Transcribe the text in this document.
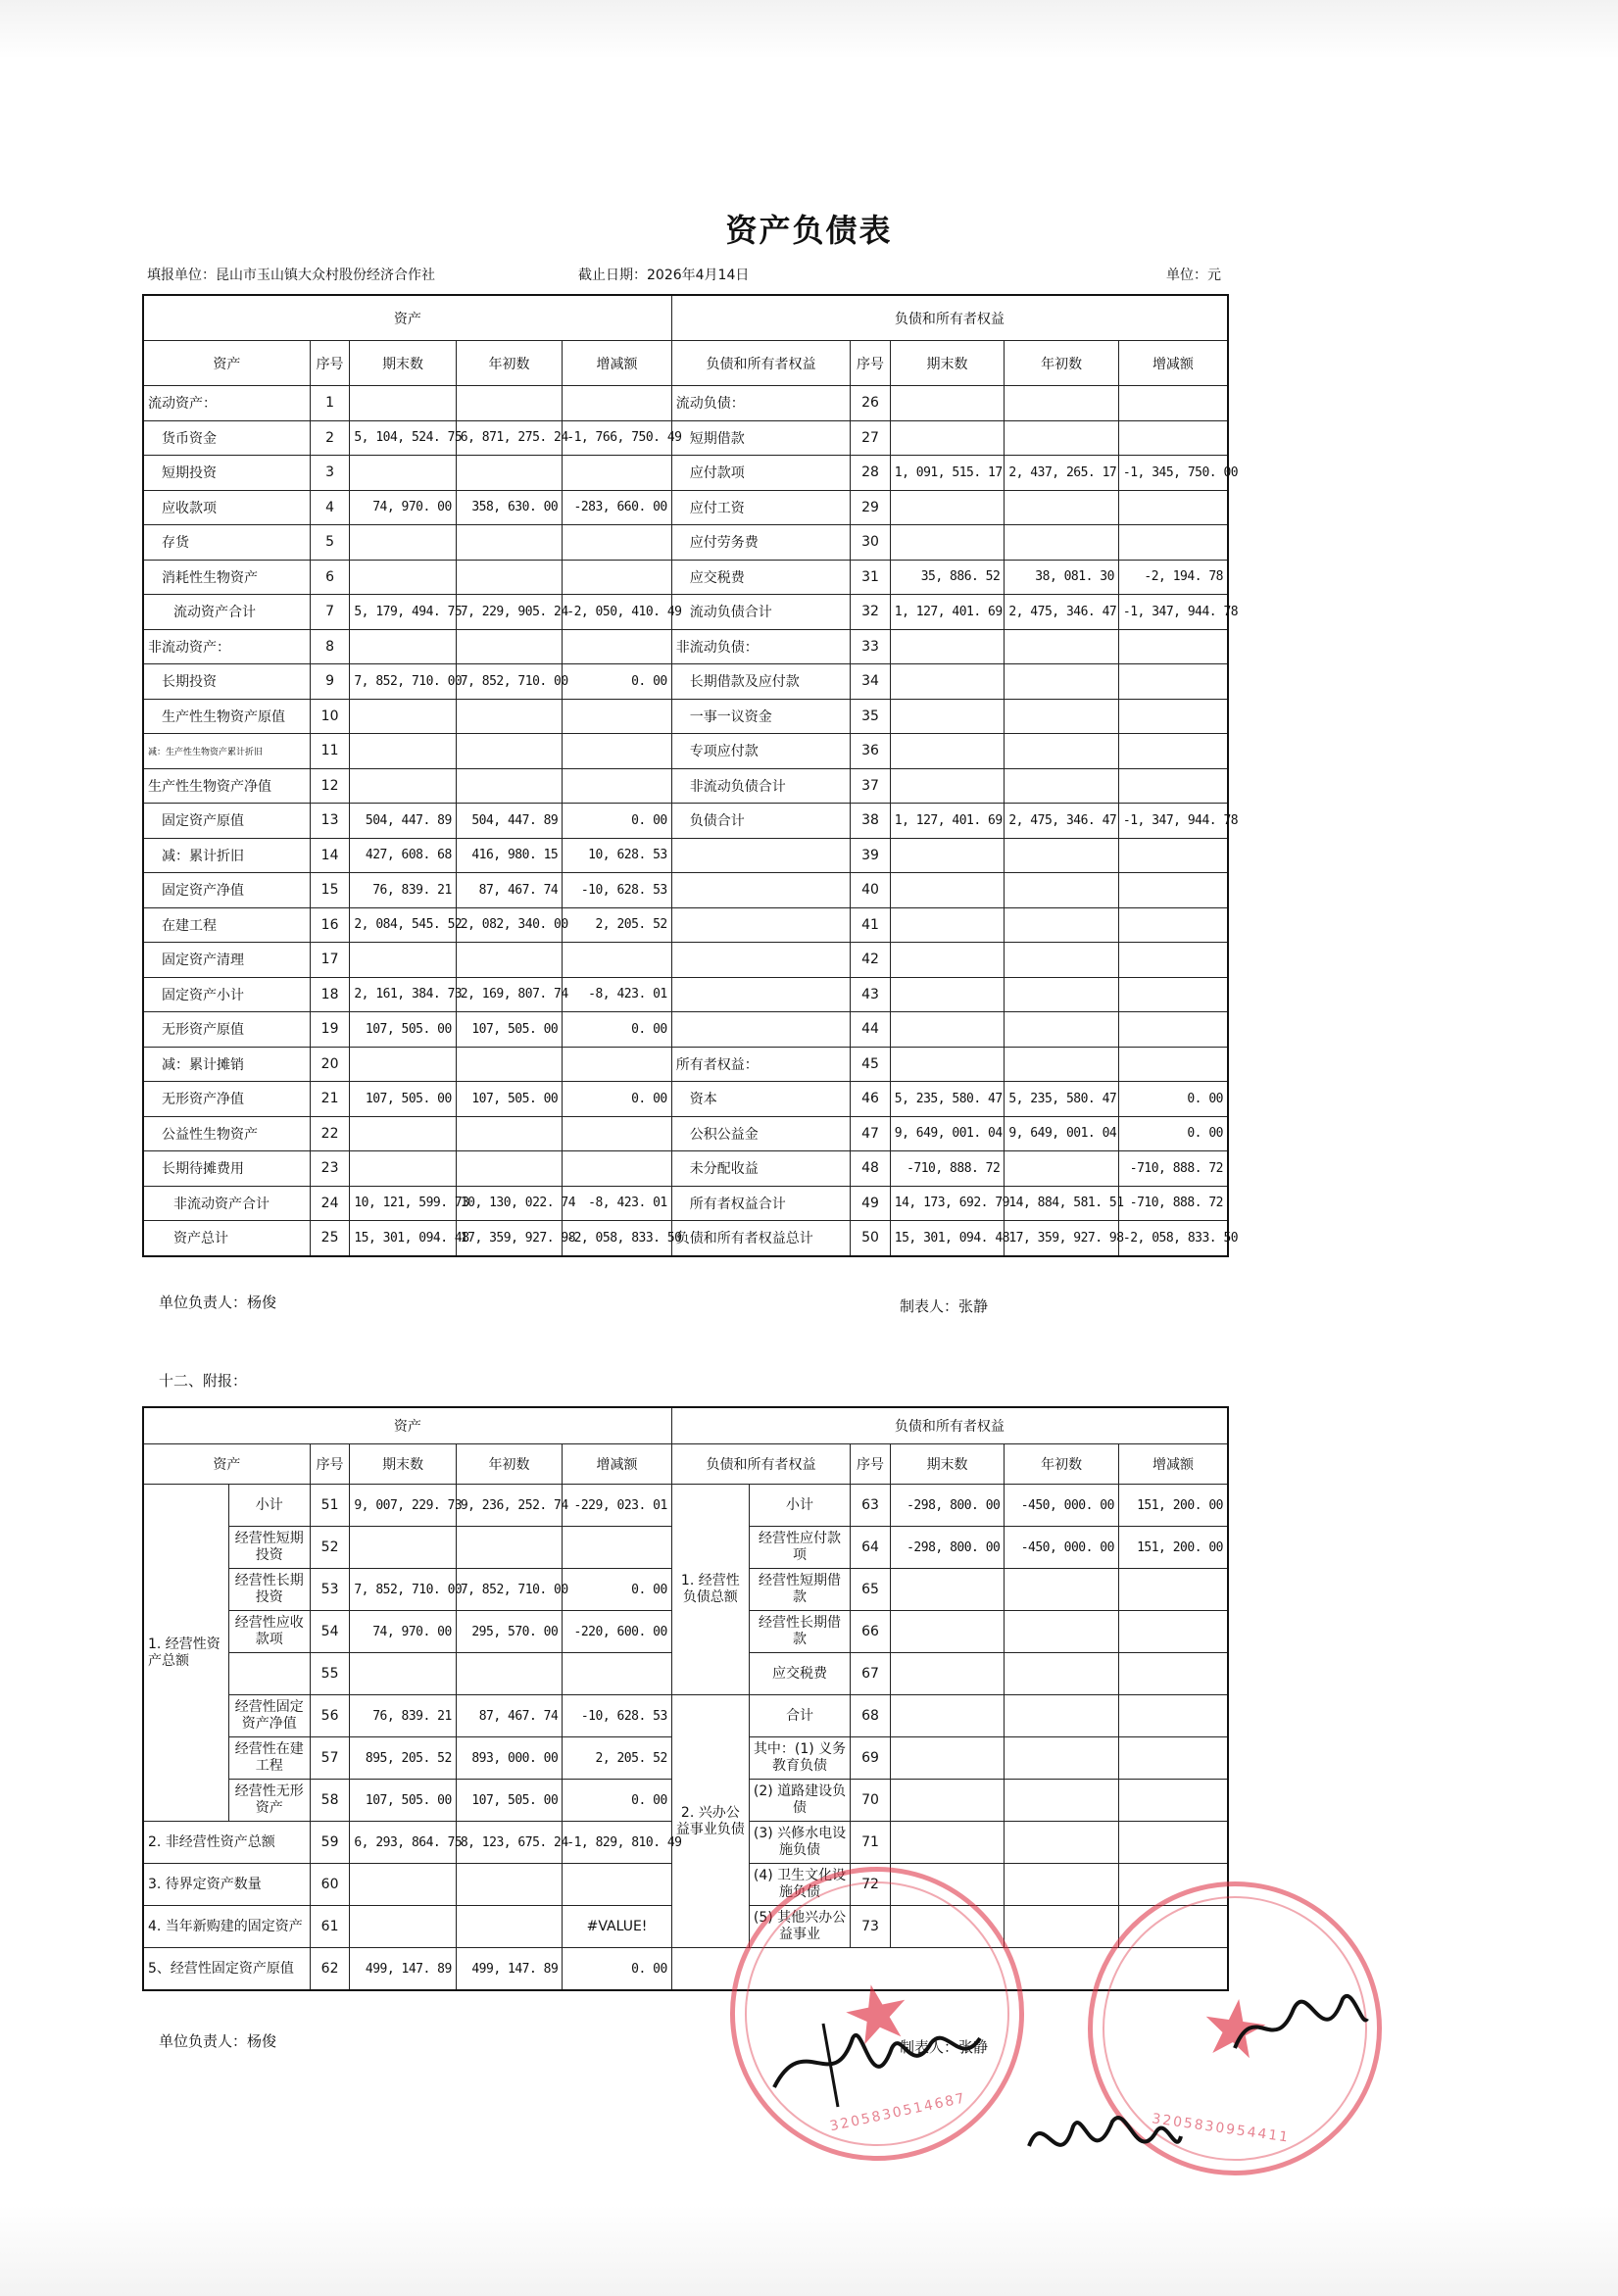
资产负债表
填报单位：昆山市玉山镇大众村股份经济合作社	截止日期：2026年4月14日	单位：元
资产					负债和所有者权益				
资产	序号	期末数	年初数	增减额	负债和所有者权益	序号	期末数	年初数	增减额
流动资产：	1				流动负债：	26			
货币资金	2	5, 104, 524. 75	6, 871, 275. 24	-1, 766, 750. 49	短期借款	27			
短期投资	3				应付款项	28	1, 091, 515. 17	2, 437, 265. 17	-1, 345, 750. 00
应收款项	4	74, 970. 00	358, 630. 00	-283, 660. 00	应付工资	29			
存货	5				应付劳务费	30			
消耗性生物资产	6				应交税费	31	35, 886. 52	38, 081. 30	-2, 194. 78
流动资产合计	7	5, 179, 494. 75	7, 229, 905. 24	-2, 050, 410. 49	流动负债合计	32	1, 127, 401. 69	2, 475, 346. 47	-1, 347, 944. 78
非流动资产：	8				非流动负债：	33			
长期投资	9	7, 852, 710. 00	7, 852, 710. 00	0. 00	长期借款及应付款	34			
生产性生物资产原值	10				一事一议资金	35			
减：生产性生物资产累计折旧	11				专项应付款	36			
生产性生物资产净值	12				非流动负债合计	37			
固定资产原值	13	504, 447. 89	504, 447. 89	0. 00	负债合计	38	1, 127, 401. 69	2, 475, 346. 47	-1, 347, 944. 78
减：累计折旧	14	427, 608. 68	416, 980. 15	10, 628. 53		39			
固定资产净值	15	76, 839. 21	87, 467. 74	-10, 628. 53		40			
在建工程	16	2, 084, 545. 52	2, 082, 340. 00	2, 205. 52		41			
固定资产清理	17					42			
固定资产小计	18	2, 161, 384. 73	2, 169, 807. 74	-8, 423. 01		43			
无形资产原值	19	107, 505. 00	107, 505. 00	0. 00		44			
减：累计摊销	20				所有者权益：	45			
无形资产净值	21	107, 505. 00	107, 505. 00	0. 00	资本	46	5, 235, 580. 47	5, 235, 580. 47	0. 00
公益性生物资产	22				公积公益金	47	9, 649, 001. 04	9, 649, 001. 04	0. 00
长期待摊费用	23				未分配收益	48	-710, 888. 72		-710, 888. 72
非流动资产合计	24	10, 121, 599. 73	10, 130, 022. 74	-8, 423. 01	所有者权益合计	49	14, 173, 692. 79	14, 884, 581. 51	-710, 888. 72
资产总计	25	15, 301, 094. 48	17, 359, 927. 98	-2, 058, 833. 50	负债和所有者权益总计	50	15, 301, 094. 48	17, 359, 927. 98	-2, 058, 833. 50
单位负责人：杨俊	制表人：张静
十二、附报：
资产						负债和所有者权益					
资产		序号	期末数	年初数	增减额	负债和所有者权益		序号	期末数	年初数	增减额
1. 经营性资产总额	小计	51	9, 007, 229. 73	9, 236, 252. 74	-229, 023. 01	1. 经营性负债总额	小计	63	-298, 800. 00	-450, 000. 00	151, 200. 00
	经营性短期投资	52					经营性应付款项	64	-298, 800. 00	-450, 000. 00	151, 200. 00
	经营性长期投资	53	7, 852, 710. 00	7, 852, 710. 00	0. 00		经营性短期借款	65			
	经营性应收款项	54	74, 970. 00	295, 570. 00	-220, 600. 00		经营性长期借款	66			
		55					应交税费	67			
	经营性固定资产净值	56	76, 839. 21	87, 467. 74	-10, 628. 53	2. 兴办公益事业负债	合计	68			
	经营性在建工程	57	895, 205. 52	893, 000. 00	2, 205. 52		其中：(1) 义务教育负债	69			
	经营性无形资产	58	107, 505. 00	107, 505. 00	0. 00		(2) 道路建设负债	70			
2. 非经营性资产总额		59	6, 293, 864. 75	8, 123, 675. 24	-1, 829, 810. 49		(3) 兴修水电设施负债	71			
3. 待界定资产数量		60					(4) 卫生文化设施负债	72			
4. 当年新购建的固定资产		61			#VALUE!		(5) 其他兴办公益事业	73			
5、经营性固定资产原值		62	499, 147. 89	499, 147. 89	0. 00						
单位负责人：杨俊	制表人：张静
★
3205830514687
★
3205830954411
